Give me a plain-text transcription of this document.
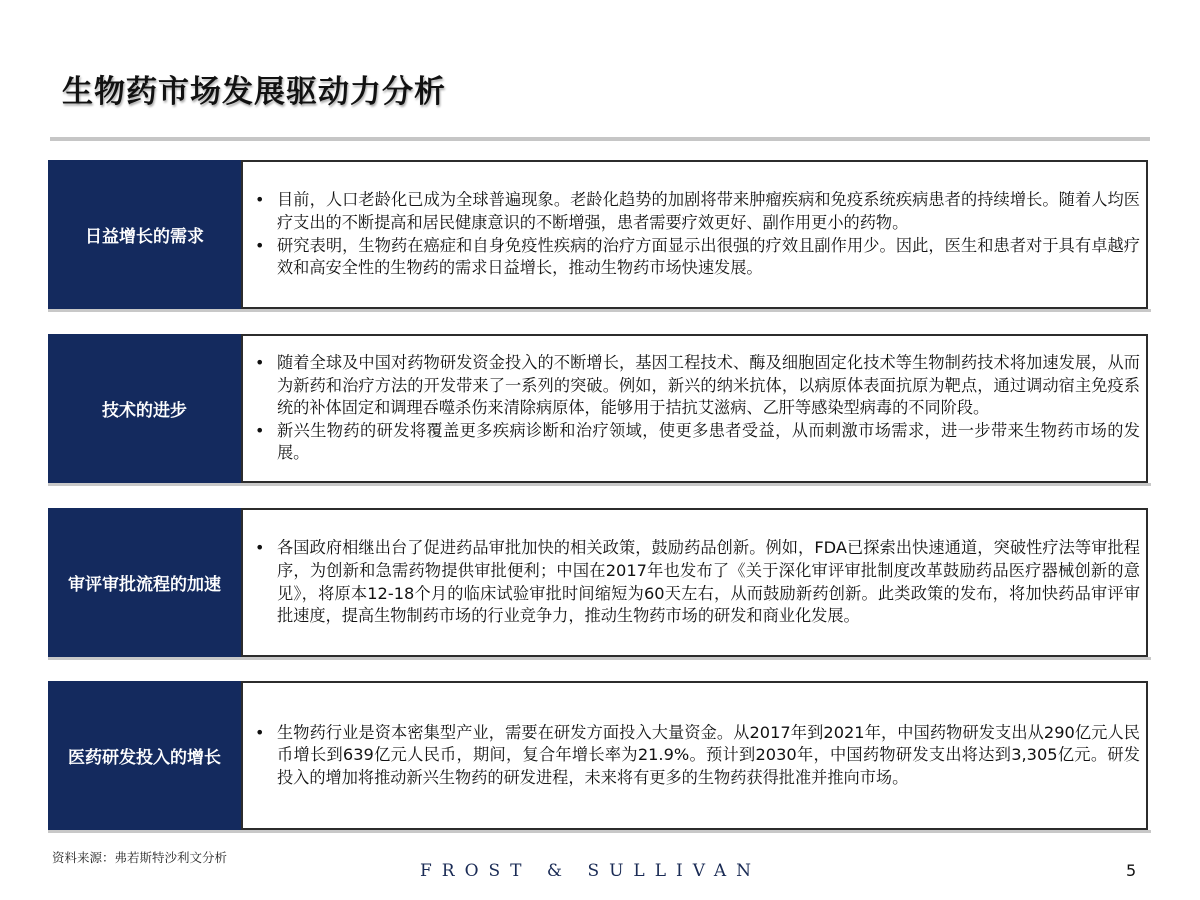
生物药市场发展驱动力分析
日益增长的需求
• 目前，人口老龄化已成为全球普遍现象。老龄化趋势的加剧将带来肿瘤疾病和免疫系统疾病患者的持续增长。随着人均医疗支出的不断提高和居民健康意识的不断增强，患者需要疗效更好、副作用更小的药物。
• 研究表明，生物药在癌症和自身免疫性疾病的治疗方面显示出很强的疗效且副作用少。因此，医生和患者对于具有卓越疗效和高安全性的生物药的需求日益增长，推动生物药市场快速发展。
技术的进步
• 随着全球及中国对药物研发资金投入的不断增长，基因工程技术、酶及细胞固定化技术等生物制药技术将加速发展，从而为新药和治疗方法的开发带来了一系列的突破。例如，新兴的纳米抗体，以病原体表面抗原为靶点，通过调动宿主免疫系统的补体固定和调理吞噬杀伤来清除病原体，能够用于拮抗艾滋病、乙肝等感染型病毒的不同阶段。
• 新兴生物药的研发将覆盖更多疾病诊断和治疗领域，使更多患者受益，从而刺激市场需求，进一步带来生物药市场的发展。
审评审批流程的加速
• 各国政府相继出台了促进药品审批加快的相关政策，鼓励药品创新。例如，FDA已探索出快速通道，突破性疗法等审批程序，为创新和急需药物提供审批便利；中国在2017年也发布了《关于深化审评审批制度改革鼓励药品医疗器械创新的意见》，将原本12-18个月的临床试验审批时间缩短为60天左右，从而鼓励新药创新。此类政策的发布，将加快药品审评审批速度，提高生物制药市场的行业竞争力，推动生物药市场的研发和商业化发展。
医药研发投入的增长
• 生物药行业是资本密集型产业，需要在研发方面投入大量资金。从2017年到2021年，中国药物研发支出从290亿元人民币增长到639亿元人民币，期间，复合年增长率为21.9%。预计到2030年，中国药物研发支出将达到3,305亿元。研发投入的增加将推动新兴生物药的研发进程，未来将有更多的生物药获得批准并推向市场。
资料来源：弗若斯特沙利文分析
FROST & SULLIVAN	5
